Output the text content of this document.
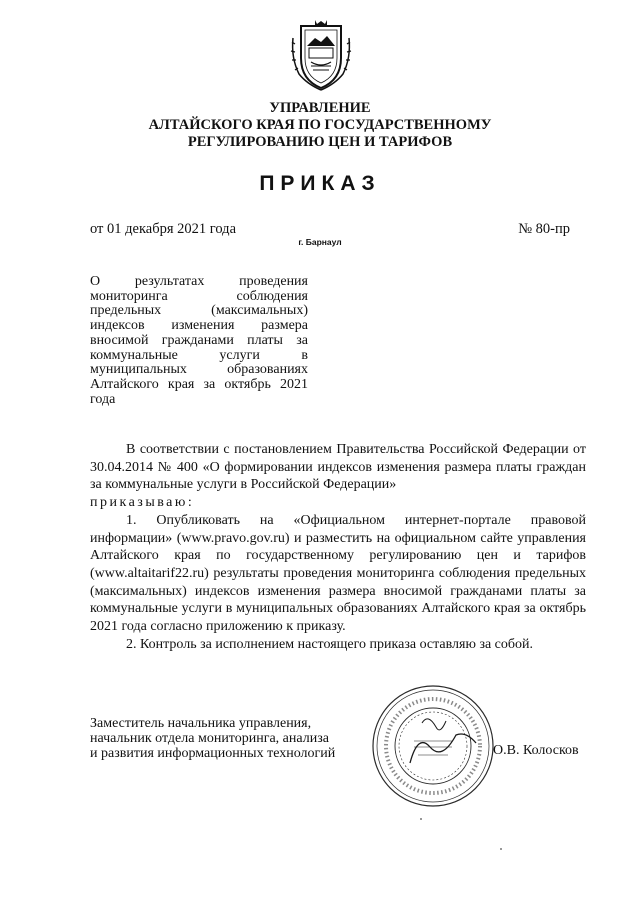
УПРАВЛЕНИЕ
АЛТАЙСКОГО КРАЯ ПО ГОСУДАРСТВЕННОМУ
РЕГУЛИРОВАНИЮ ЦЕН И ТАРИФОВ
ПРИКАЗ
от 01 декабря 2021 года	№ 80-пр
г. Барнаул
О результатах проведения мониторинга соблюдения предельных (максимальных) индексов изменения размера вносимой гражданами платы за коммунальные услуги в муниципальных образованиях Алтайского края за октябрь 2021 года

В соответствии с постановлением Правительства Российской Федерации от 30.04.2014 № 400 «О формировании индексов изменения размера платы граждан за коммунальные услуги в Российской Федерации»

приказываю:

1. Опубликовать на «Официальном интернет-портале правовой информации» (www.pravo.gov.ru) и разместить на официальном сайте управления Алтайского края по государственному регулированию цен и тарифов (www.altaitarif22.ru) результаты проведения мониторинга соблюдения предельных (максимальных) индексов изменения размера вносимой гражданами платы за коммунальные услуги в муниципальных образованиях Алтайского края за октябрь 2021 года согласно приложению к приказу.

2. Контроль за исполнением настоящего приказа оставляю за собой.

Заместитель начальника управления,
начальник отдела мониторинга, анализа
и развития информационных технологий	О.В. Колосков
